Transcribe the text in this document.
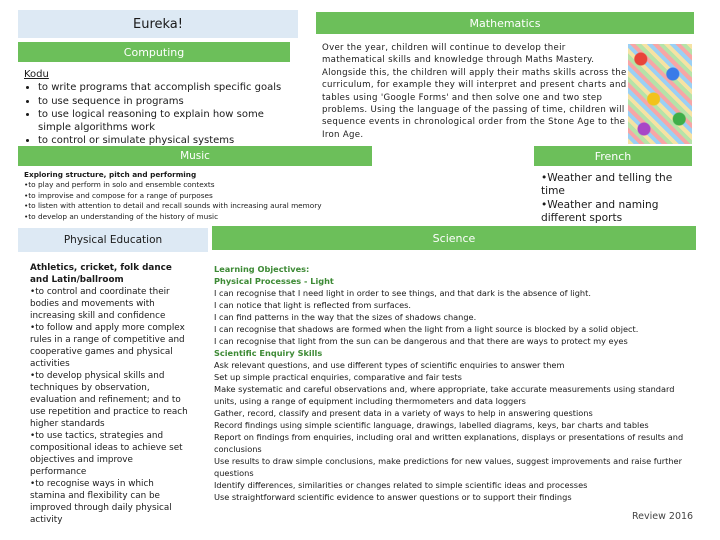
Eureka!	Mathematics
Over the year, children will continue to develop their mathematical skills and knowledge through Maths Mastery. Alongside this, the children will apply their maths skills across the curriculum, for example they will interpret and present charts and tables using 'Google Forms' and then solve one and two step problems. Using the language of the passing of time, children will sequence events in chronological order from the Stone Age to the Iron Age.
Computing
Kodu
• to write programs that accomplish specific goals
• to use sequence in programs
• to use logical reasoning to explain how some simple algorithms work
• to control or simulate physical systems
Music
Exploring structure, pitch and performing
•to play and perform in solo and ensemble contexts
•to improvise and compose for a range of purposes
•to listen with attention to detail and recall sounds with increasing aural memory
•to develop an understanding of the history of music
French
•Weather and telling the time
•Weather and naming different sports
Physical Education
Athletics, cricket, folk dance and Latin/ballroom
•to control and coordinate their bodies and movements with increasing skill and confidence
•to follow and apply more complex rules in a range of competitive and cooperative games and physical activities
•to develop physical skills and techniques by observation, evaluation and refinement; and to use repetition and practice to reach higher standards
•to use tactics, strategies and compositional ideas to achieve set objectives and improve performance
•to recognise ways in which stamina and flexibility can be improved through daily physical activity
Science
Learning Objectives:
Physical Processes - Light
I can recognise that I need light in order to see things, and that dark is the absence of light.
I can notice that light is reflected from surfaces.
I can find patterns in the way that the sizes of shadows change.
I can recognise that shadows are formed when the light from a light source is blocked by a solid object.
I can recognise that light from the sun can be dangerous and that there are ways to protect my eyes
Scientific Enquiry Skills
Ask relevant questions, and use different types of scientific enquiries to answer them
Set up simple practical enquiries, comparative and fair tests
Make systematic and careful observations and, where appropriate, take accurate measurements using standard units, using a range of equipment including thermometers and data loggers
Gather, record, classify and present data in a variety of ways to help in answering questions
Record findings using simple scientific language, drawings, labelled diagrams, keys, bar charts and tables
Report on findings from enquiries, including oral and written explanations, displays or presentations of results and conclusions
Use results to draw simple conclusions, make predictions for new values, suggest improvements and raise further questions
Identify differences, similarities or changes related to simple scientific ideas and processes
Use straightforward scientific evidence to answer questions or to support their findings
Review 2016
